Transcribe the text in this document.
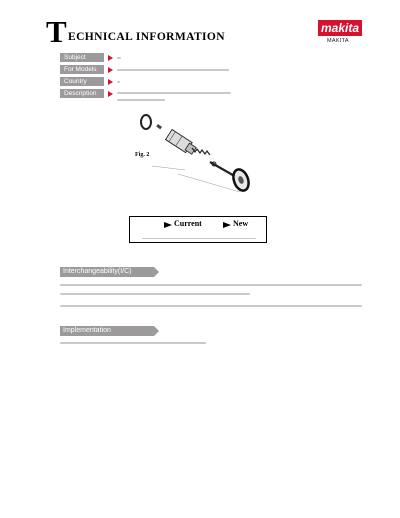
T ECHNICAL INFORMATION
makita
MAKITA
Subject
For Models
Country
Description
Fig. 2
Current	New
Interchangeability(I/C)
Implementation
